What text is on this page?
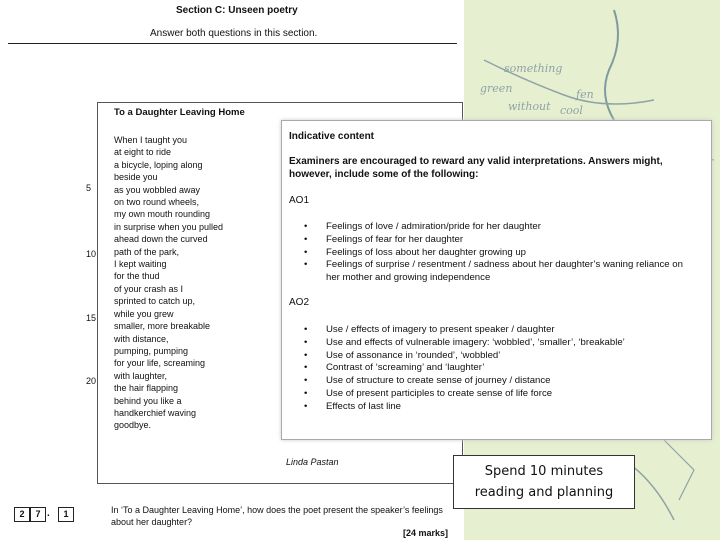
something
green
without cool
fen
Section C: Unseen poetry
Answer both questions in this section.
To a Daughter Leaving Home
When I taught you
at eight to ride
a bicycle, loping along
beside you
as you wobbled away
on two round wheels,
my own mouth rounding
in surprise when you pulled
ahead down the curved
path of the park,
I kept waiting
for the thud
of your crash as I
sprinted to catch up,
while you grew
smaller, more breakable
with distance,
pumping, pumping
for your life, screaming
with laughter,
the hair flapping
behind you like a
handkerchief waving
goodbye.
5
10
15
20
Linda Pastan
Indicative content
Examiners are encouraged to reward any valid interpretations. Answers might, however, include some of the following:
AO1
• Feelings of love / admiration/pride for her daughter
• Feelings of fear for her daughter
• Feelings of loss about her daughter growing up
• Feelings of surprise / resentment / sadness about her daughter’s waning reliance on her mother and growing independence
AO2
• Use / effects of imagery to present speaker / daughter
• Use and effects of vulnerable imagery: ‘wobbled’, ‘smaller’, ‘breakable’
• Use of assonance in ‘rounded’, ‘wobbled’
• Contrast of ‘screaming’ and ‘laughter’
• Use of structure to create sense of journey / distance
• Use of present participles to create sense of life force
• Effects of last line
Spend 10 minutes
reading and planning
2	7 .	1	In ‘To a Daughter Leaving Home’, how does the poet present the speaker’s feelings about her daughter?
[24 marks]
